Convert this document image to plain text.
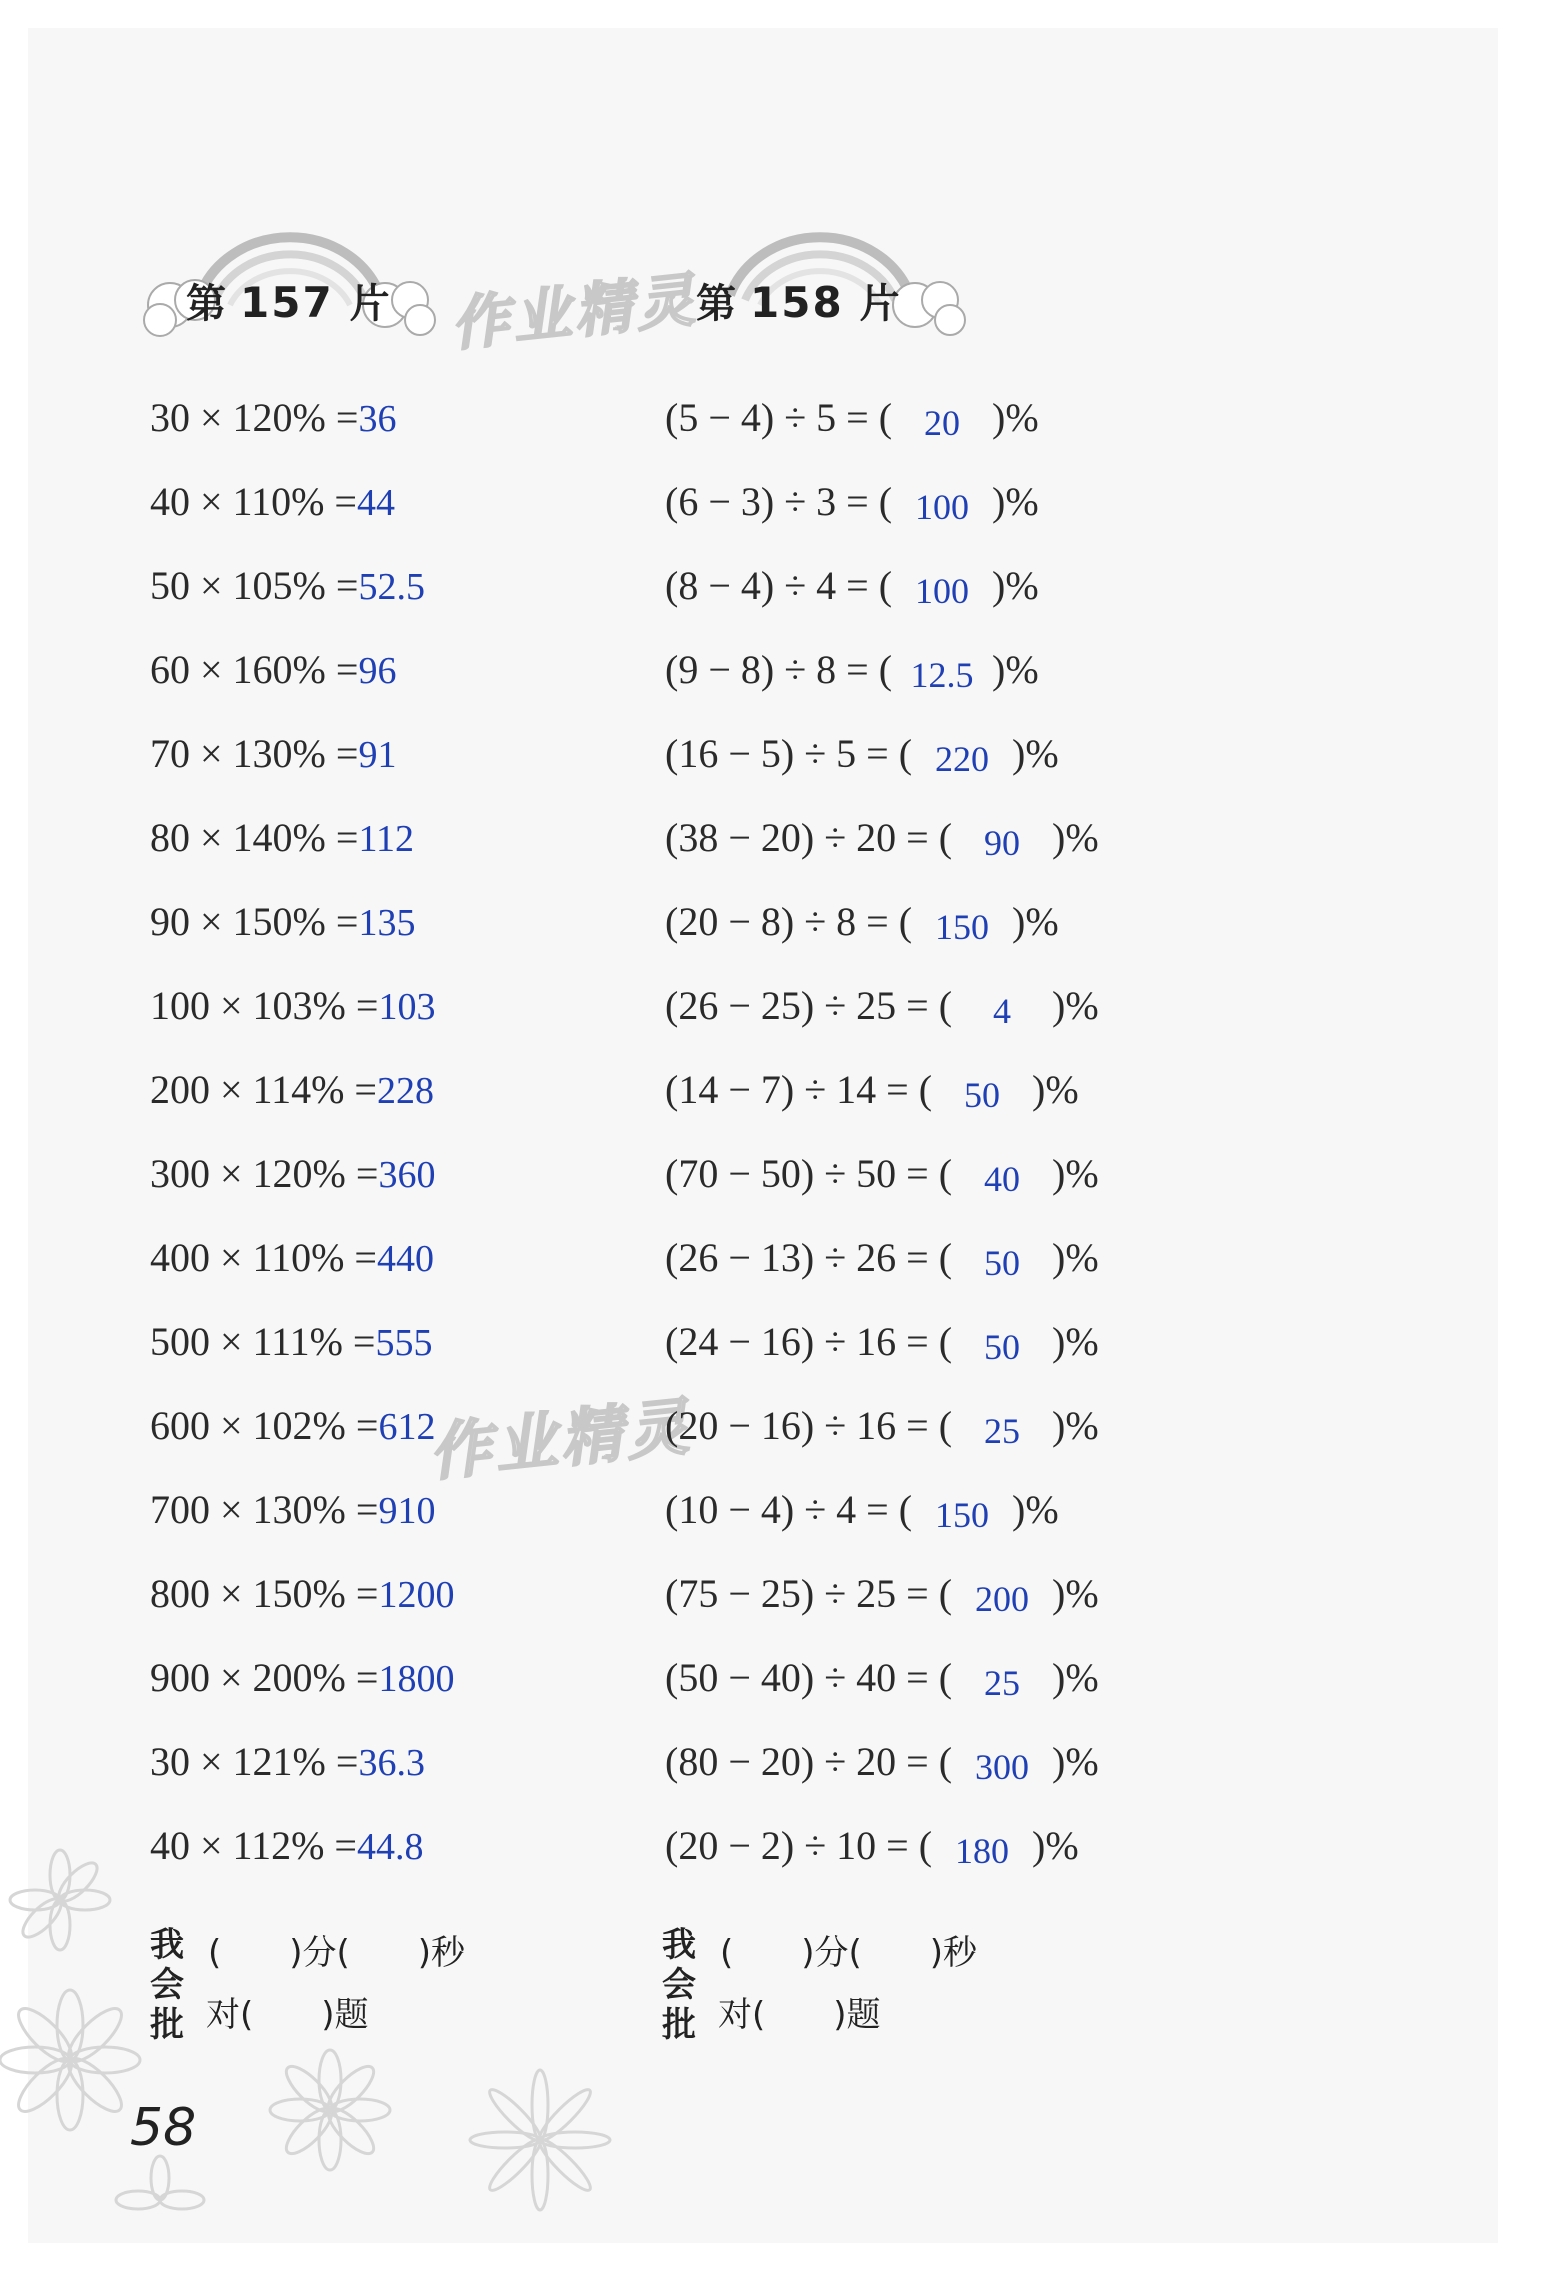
第 157 片	第 158 片
作业精灵
作业精灵
30 × 120% =36
40 × 110% =44
50 × 105% =52.5
60 × 160% =96
70 × 130% =91
80 × 140% =112
90 × 150% =135
100 × 103% =103
200 × 114% =228
300 × 120% =360
400 × 110% =440
500 × 111% =555
600 × 102% =612
700 × 130% =910
800 × 150% =1200
900 × 200% =1800
30 × 121% =36.3
40 × 112% =44.8
(5 − 4) ÷ 5 = ( 20 )%
(6 − 3) ÷ 3 = ( 100 )%
(8 − 4) ÷ 4 = ( 100 )%
(9 − 8) ÷ 8 = ( 12.5 )%
(16 − 5) ÷ 5 = ( 220 )%
(38 − 20) ÷ 20 = ( 90 )%
(20 − 8) ÷ 8 = ( 150 )%
(26 − 25) ÷ 25 = ( 4 )%
(14 − 7) ÷ 14 = ( 50 )%
(70 − 50) ÷ 50 = ( 40 )%
(26 − 13) ÷ 26 = ( 50 )%
(24 − 16) ÷ 16 = ( 50 )%
(20 − 16) ÷ 16 = ( 25 )%
(10 − 4) ÷ 4 = ( 150 )%
(75 − 25) ÷ 25 = ( 200 )%
(50 − 40) ÷ 40 = ( 25 )%
(80 − 20) ÷ 20 = ( 300 )%
(20 − 2) ÷ 10 = ( 180 )%
我
会
批
(　　)分(　　)秒
对(　　)题
我
会
批
(　　)分(　　)秒
对(　　)题
58
